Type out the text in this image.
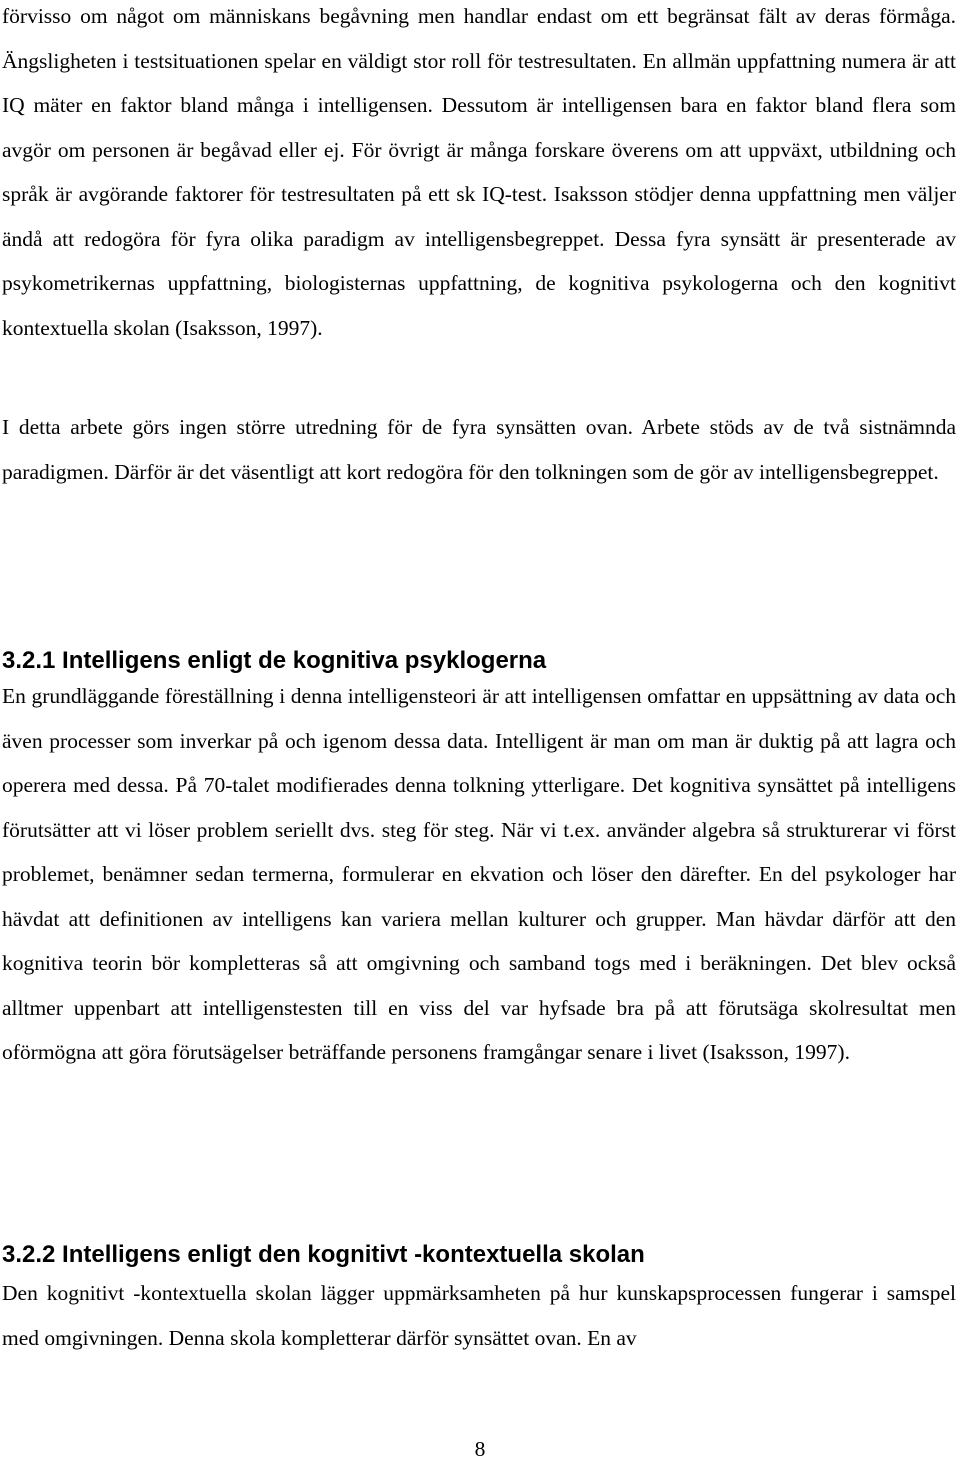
förvisso om något om människans begåvning men handlar endast om ett begränsat fält av deras förmåga. Ängsligheten i testsituationen spelar en väldigt stor roll för testresultaten. En allmän uppfattning numera är att IQ mäter en faktor bland många i intelligensen. Dessutom är intelligensen bara en faktor bland flera som avgör om personen är begåvad eller ej. För övrigt är många forskare överens om att uppväxt, utbildning och språk är avgörande faktorer för testresultaten på ett sk IQ-test. Isaksson stödjer denna uppfattning men väljer ändå att redogöra för fyra olika paradigm av intelligensbegreppet. Dessa fyra synsätt är presenterade av psykometrikernas uppfattning, biologisternas uppfattning, de kognitiva psykologerna och den kognitivt kontextuella skolan (Isaksson, 1997).

I detta arbete görs ingen större utredning för de fyra synsätten ovan. Arbete stöds av de två sistnämnda paradigmen. Därför är det väsentligt att kort redogöra för den tolkningen som de gör av intelligensbegreppet.

3.2.1 Intelligens enligt de kognitiva psyklogerna

En grundläggande föreställning i denna intelligensteori är att intelligensen omfattar en uppsättning av data och även processer som inverkar på och igenom dessa data. Intelligent är man om man är duktig på att lagra och operera med dessa. På 70-talet modifierades denna tolkning ytterligare. Det kognitiva synsättet på intelligens förutsätter att vi löser problem seriellt dvs. steg för steg. När vi t.ex. använder algebra så strukturerar vi först problemet, benämner sedan termerna, formulerar en ekvation och löser den därefter. En del psykologer har hävdat att definitionen av intelligens kan variera mellan kulturer och grupper. Man hävdar därför att den kognitiva teorin bör kompletteras så att omgivning och samband togs med i beräkningen. Det blev också alltmer uppenbart att intelligenstesten till en viss del var hyfsade bra på att förutsäga skolresultat men oförmögna att göra förutsägelser beträffande personens framgångar senare i livet (Isaksson, 1997).

3.2.2 Intelligens enligt den kognitivt -kontextuella skolan

Den kognitivt -kontextuella skolan lägger uppmärksamheten på hur kunskapsprocessen fungerar i samspel med omgivningen. Denna skola kompletterar därför synsättet ovan. En av

8
